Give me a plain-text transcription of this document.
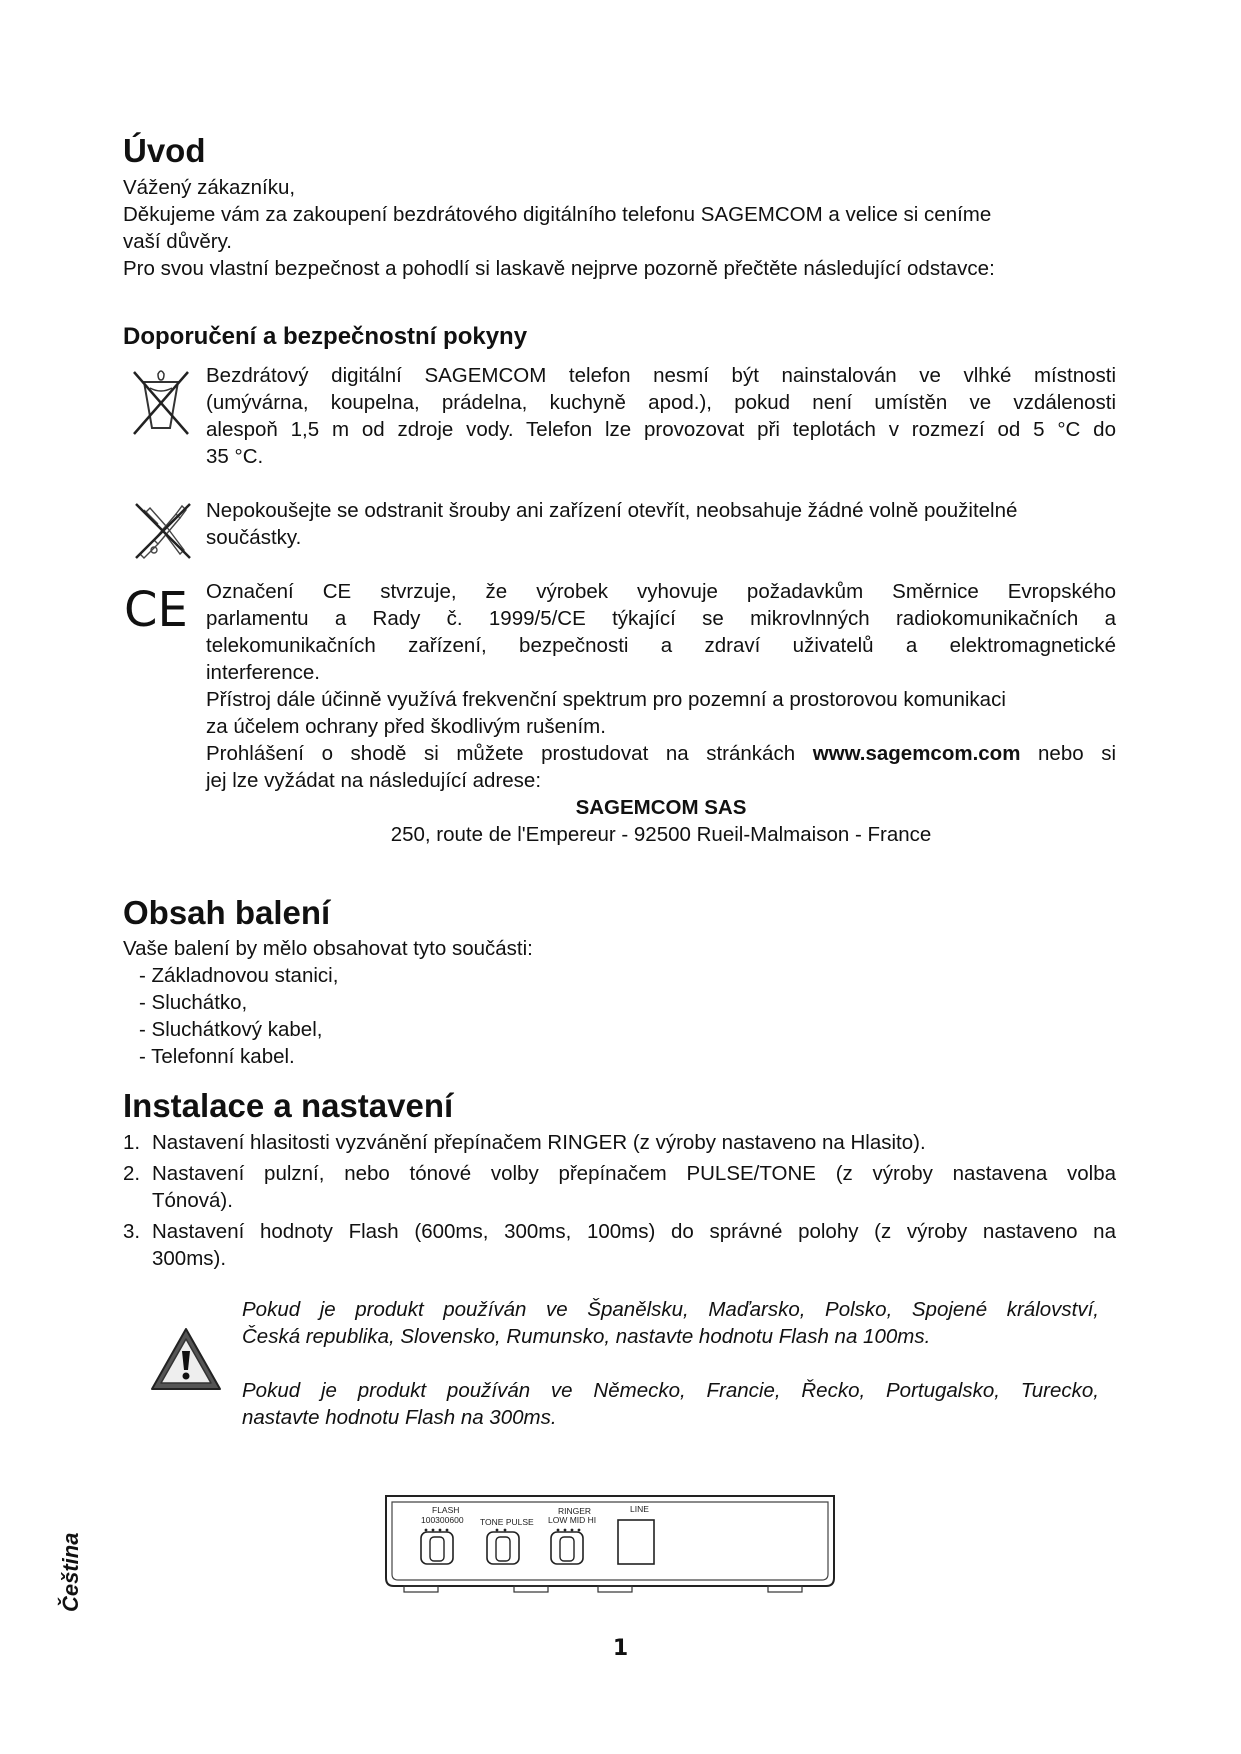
Úvod
Vážený zákazníku,
Děkujeme vám za zakoupení bezdrátového digitálního telefonu SAGEMCOM a velice si ceníme
vaší důvěry.
Pro svou vlastní bezpečnost a pohodlí si laskavě nejprve pozorně přečtěte následující odstavce:
Doporučení a bezpečnostní pokyny
Bezdrátový digitální SAGEMCOM telefon nesmí být nainstalován ve vlhké místnosti
(umývárna, koupelna, prádelna, kuchyně apod.), pokud není umístěn ve vzdálenosti
alespoň 1,5 m od zdroje vody. Telefon lze provozovat při teplotách v rozmezí od 5 °C do
35 °C.
Nepokoušejte se odstranit šrouby ani zařízení otevřít, neobsahuje žádné volně použitelné
součástky.
CE Označení CE stvrzuje, že výrobek vyhovuje požadavkům Směrnice Evropského
parlamentu a Rady č. 1999/5/CE týkající se mikrovlnných radiokomunikačních a
telekomunikačních zařízení, bezpečnosti a zdraví uživatelů a elektromagnetické
interference.
Přístroj dále účinně využívá frekvenční spektrum pro pozemní a prostorovou komunikaci
za účelem ochrany před škodlivým rušením.
Prohlášení o shodě si můžete prostudovat na stránkách www.sagemcom.com nebo si
jej lze vyžádat na následující adrese:
SAGEMCOM SAS
250, route de l'Empereur - 92500 Rueil-Malmaison - France
Obsah balení
Vaše balení by mělo obsahovat tyto součásti:
- Základnovou stanici,
- Sluchátko,
- Sluchátkový kabel,
- Telefonní kabel.
Instalace a nastavení
1. Nastavení hlasitosti vyzvánění přepínačem RINGER (z výroby nastaveno na Hlasito).
2. Nastavení pulzní, nebo tónové volby přepínačem PULSE/TONE (z výroby nastavena volba
Tónová).
3. Nastavení hodnoty Flash (600ms, 300ms, 100ms) do správné polohy (z výroby nastaveno na
300ms).
Pokud je produkt používán ve Španělsku, Maďarsko, Polsko, Spojené království,
Česká republika, Slovensko, Rumunsko, nastavte hodnotu Flash na 100ms.
Pokud je produkt používán ve Německo, Francie, Řecko, Portugalsko, Turecko,
nastavte hodnotu Flash na 300ms.
FLASH
100300600 TONE PULSE
RINGER
LOW MID HI
LINE
Čeština
1
